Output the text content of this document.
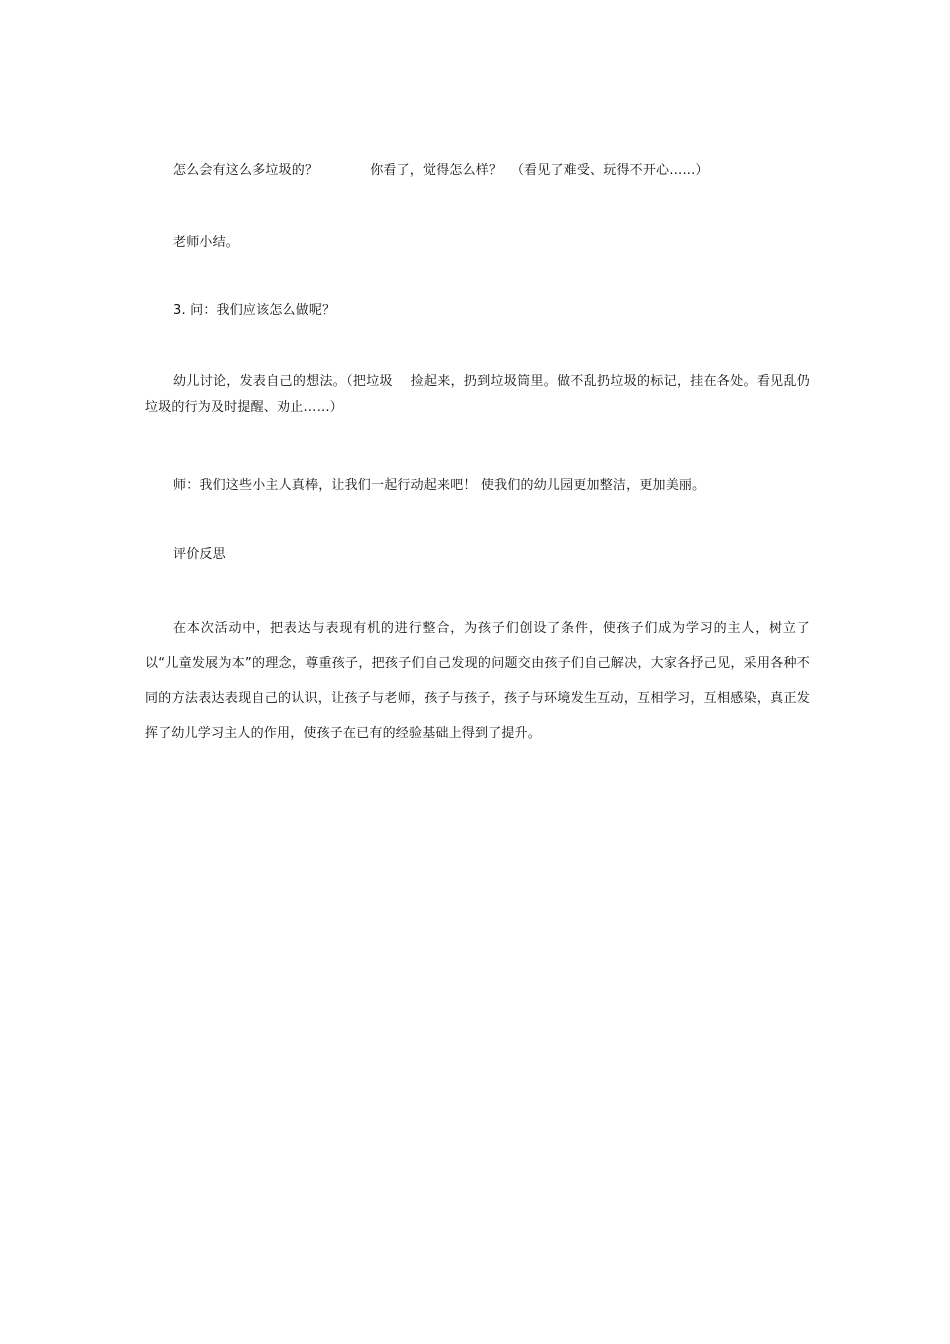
怎么会有这么多垃圾的？            你看了，觉得怎么样？  （看见了难受、玩得不开心…...）

老师小结。

3. 问：我们应该怎么做呢？

幼儿讨论，发表自己的想法。（把垃圾    捡起来，扔到垃圾筒里。做不乱扔垃圾的标记，挂在各处。看见乱仍垃圾的行为及时提醒、劝止……）

师：我们这些小主人真棒，让我们一起行动起来吧！ 使我们的幼儿园更加整洁，更加美丽。

评价反思

在本次活动中，把表达与表现有机的进行整合，为孩子们创设了条件，使孩子们成为学习的主人，树立了以“儿童发展为本”的理念，尊重孩子，把孩子们自己发现的问题交由孩子们自己解决，大家各抒己见，采用各种不同的方法表达表现自己的认识，让孩子与老师，孩子与孩子，孩子与环境发生互动，互相学习，互相感染，真正发挥了幼儿学习主人的作用，使孩子在已有的经验基础上得到了提升。
